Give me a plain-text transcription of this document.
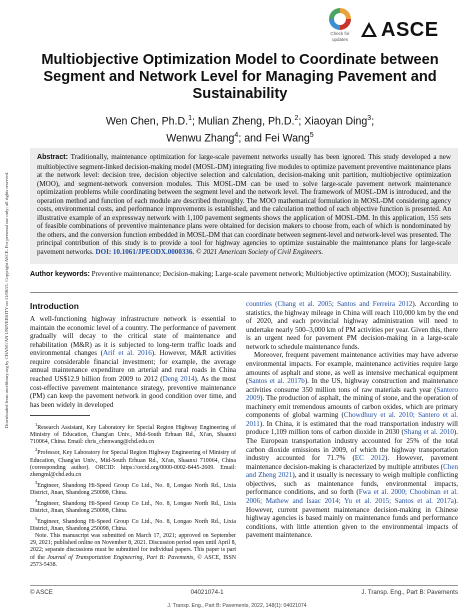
Downloaded from ascelibrary.org by CHANG'AN UNIVERSITY on 11/08/21. Copyright ASCE. For personal use only; all rights reserved.
Check for
updates	ASCE
Multiobjective Optimization Model to Coordinate between Segment and Network Level for Managing Pavement and Sustainability
Wen Chen, Ph.D.$^1$; Mulian Zheng, Ph.D.$^2$; Xiaoyan Ding$^3$;
Wenwu Zhang$^4$; and Fei Wang$^5$
Abstract: Traditionally, maintenance optimization for large-scale pavement networks usually has been ignored. This study developed a new multiobjective segment-linked decision-making model (MOSL-DM) integrating five modules to optimize pavement preventive maintenance plans at the network level: decision tree, decision objective selection and calculation, decision-making unit partition, multiobjective optimization (MOO), and segment-network conversion modules. This MOSL-DM can be used to solve large-scale pavement network maintenance optimization problems while coordinating between the segment level and the network level. The framework of MOSL-DM is introduced, and the operation method and function of each module are described thoroughly. The MOO mathematical formulation in MOSL-DM considering agency costs, environmental costs, and performance improvements is established, and the calculation method of each objective function is presented. An illustrative example of an expressway network with 1,100 pavement segments shows the application of MOSL-DM. In this application, 155 sets of feasible combinations of preventive maintenance plans were obtained for decision makers to choose from, each of which is nondominated by the others, and the conversion function embedded in MOSL-DM that can coordinate between segment-level and network-level was presented. The principal contribution of this study is to provide a tool for highway agencies to optimize sustainable the maintenance plans for large-scale pavement networks. DOI: 10.1061/JPEODX.0000336. © 2021 American Society of Civil Engineers.
Author keywords: Preventive maintenance; Decision-making; Large-scale pavement network; Multiobjective optimization (MOO); Sustainability.
Introduction

A well-functioning highway infrastructure network is essential to maintain the economic level of a country. The performance of pavement gradually will decay to the critical state of maintenance and rehabilitation (M&R) as it is subjected to long-term traffic loads and environmental changes (Arif et al. 2016). However, M&R activities require considerable financial investment; for example, the average annual maintenance expenditure on arterial and rural roads in China reached US$12.9 billion from 2009 to 2012 (Deng 2014). As the most cost-effective pavement maintenance strategy, preventive maintenance (PM) can keep the pavement network in good condition over time, and has been widely in developed

$^1$Research Assistant, Key Laboratory for Special Region Highway Engineering of Ministry of Education, Chang'an Univ., Mid-South Erhuan Rd., Xi'an, Shaanxi 710064, China. Email: chris_chenwang@chd.edu.cn

$^2$Professor, Key Laboratory for Special Region Highway Engineering of Ministry of Education, Chang'an Univ., Mid-South Erhuan Rd., Xi'an, Shaanxi 710064, China (corresponding author). ORCID: https://orcid.org/0000-0002-8445-2609. Email: zhengml@chd.edu.cn

$^3$Engineer, Shandong Hi-Speed Group Co Ltd., No. 8, Longao North Rd., Lixia District, Jinan, Shandong 250098, China.

$^4$Engineer, Shandong Hi-Speed Group Co Ltd., No. 8, Longao North Rd., Lixia District, Jinan, Shandong 250098, China.

$^5$Engineer, Shandong Hi-Speed Group Co Ltd., No. 8, Longao North Rd., Lixia District, Jinan, Shandong 250098, China.

Note. This manuscript was submitted on March 17, 2021; approved on September 29, 2021; published online on November 8, 2021. Discussion period open until April 8, 2022; separate discussions must be submitted for individual papers. This paper is part of the Journal of Transportation Engineering, Part B: Pavements, © ASCE, ISSN 2573-5438.

countries (Chang et al. 2005; Santos and Ferreira 2012). According to statistics, the highway mileage in China will reach 110,000 km by the end of 2020, and each provincial highway administration will need to undertake nearly 500–3,000 km of PM activities per year. Given this, there is an urgent need for pavement PM decision-making in a large-scale network to schedule maintenance funds.

Moreover, frequent pavement maintenance activities may have adverse environmental impacts. For example, maintenance activities require large amounts of asphalt and stone, as well as intensive mechanical equipment (Santos et al. 2017b). In the US, highway construction and maintenance activities consume 350 million tons of raw materials each year (Santero 2009). The production of asphalt, the mining of stone, and the operation of machinery emit tremendous amounts of carbon oxides, which are primary components of global warming (Chowdhury et al. 2010; Santero et al. 2011). In China, it is estimated that the road transportation industry will produce 1,109 million tons of carbon dioxide in 2030 (Shang et al. 2010). The European transportation industry accounted for 25% of the total carbon dioxide emissions in 2009, of which the highway transportation industry accounted for 71.7% (EC 2012). However, pavement maintenance decision-making is characterized by multiple attributes (Chen and Zheng 2021), and it usually is necessary to weigh multiple conflicting objectives, such as maintenance funds, environmental impacts, performance conditions, and so forth (Fwa et al. 2000; Choobinan et al. 2006; Mathew and Isaac 2014; Yu et al. 2015; Santos et al. 2017a). However, current pavement maintenance decision-making in Chinese highway agencies is based mainly on maintenance funds and performance conditions, with little attention given to the environmental impacts of pavement maintenance.

© ASCE	04021074-1	J. Transp. Eng., Part B: Pavements
J. Transp. Eng., Part B: Pavements, 2022, 148(1): 04021074
